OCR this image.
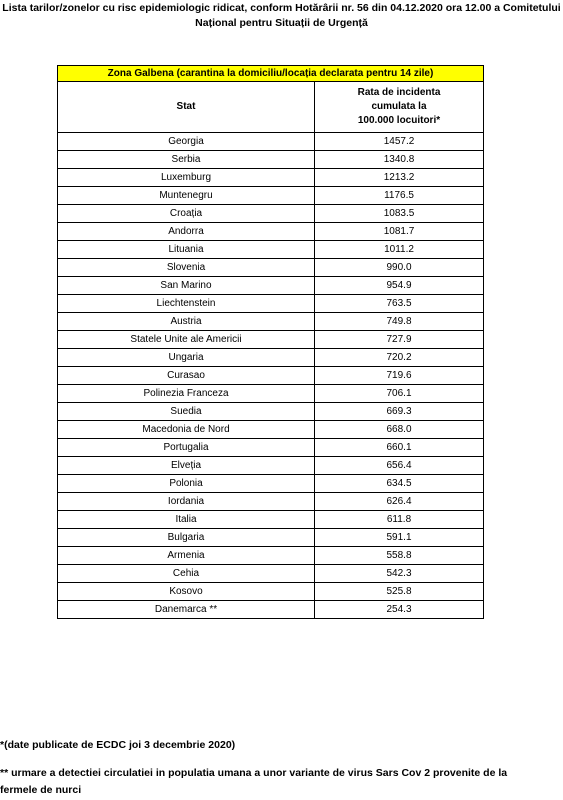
Lista tarilor/zonelor cu risc epidemiologic ridicat, conform Hotărârii nr. 56 din 04.12.2020 ora 12.00 a Comitetului
Național pentru Situații de Urgență
Zona Galbena (carantina la domiciliu/locația declarata pentru 14 zile)	
Stat	Rata de incidenta cumulata la
100.000 locuitori*
Georgia	1457.2
Serbia	1340.8
Luxemburg	1213.2
Muntenegru	1176.5
Croația	1083.5
Andorra	1081.7
Lituania	1011.2
Slovenia	990.0
San Marino	954.9
Liechtenstein	763.5
Austria	749.8
Statele Unite ale Americii	727.9
Ungaria	720.2
Curasao	719.6
Polinezia Franceza	706.1
Suedia	669.3
Macedonia de Nord	668.0
Portugalia	660.1
Elveția	656.4
Polonia	634.5
Iordania	626.4
Italia	611.8
Bulgaria	591.1
Armenia	558.8
Cehia	542.3
Kosovo	525.8
Danemarca **	254.3
*(date publicate de ECDC joi 3 decembrie 2020)
** urmare a detectiei circulatiei in populatia umana a unor variante de virus Sars Cov 2 provenite de la
fermele de nurci
